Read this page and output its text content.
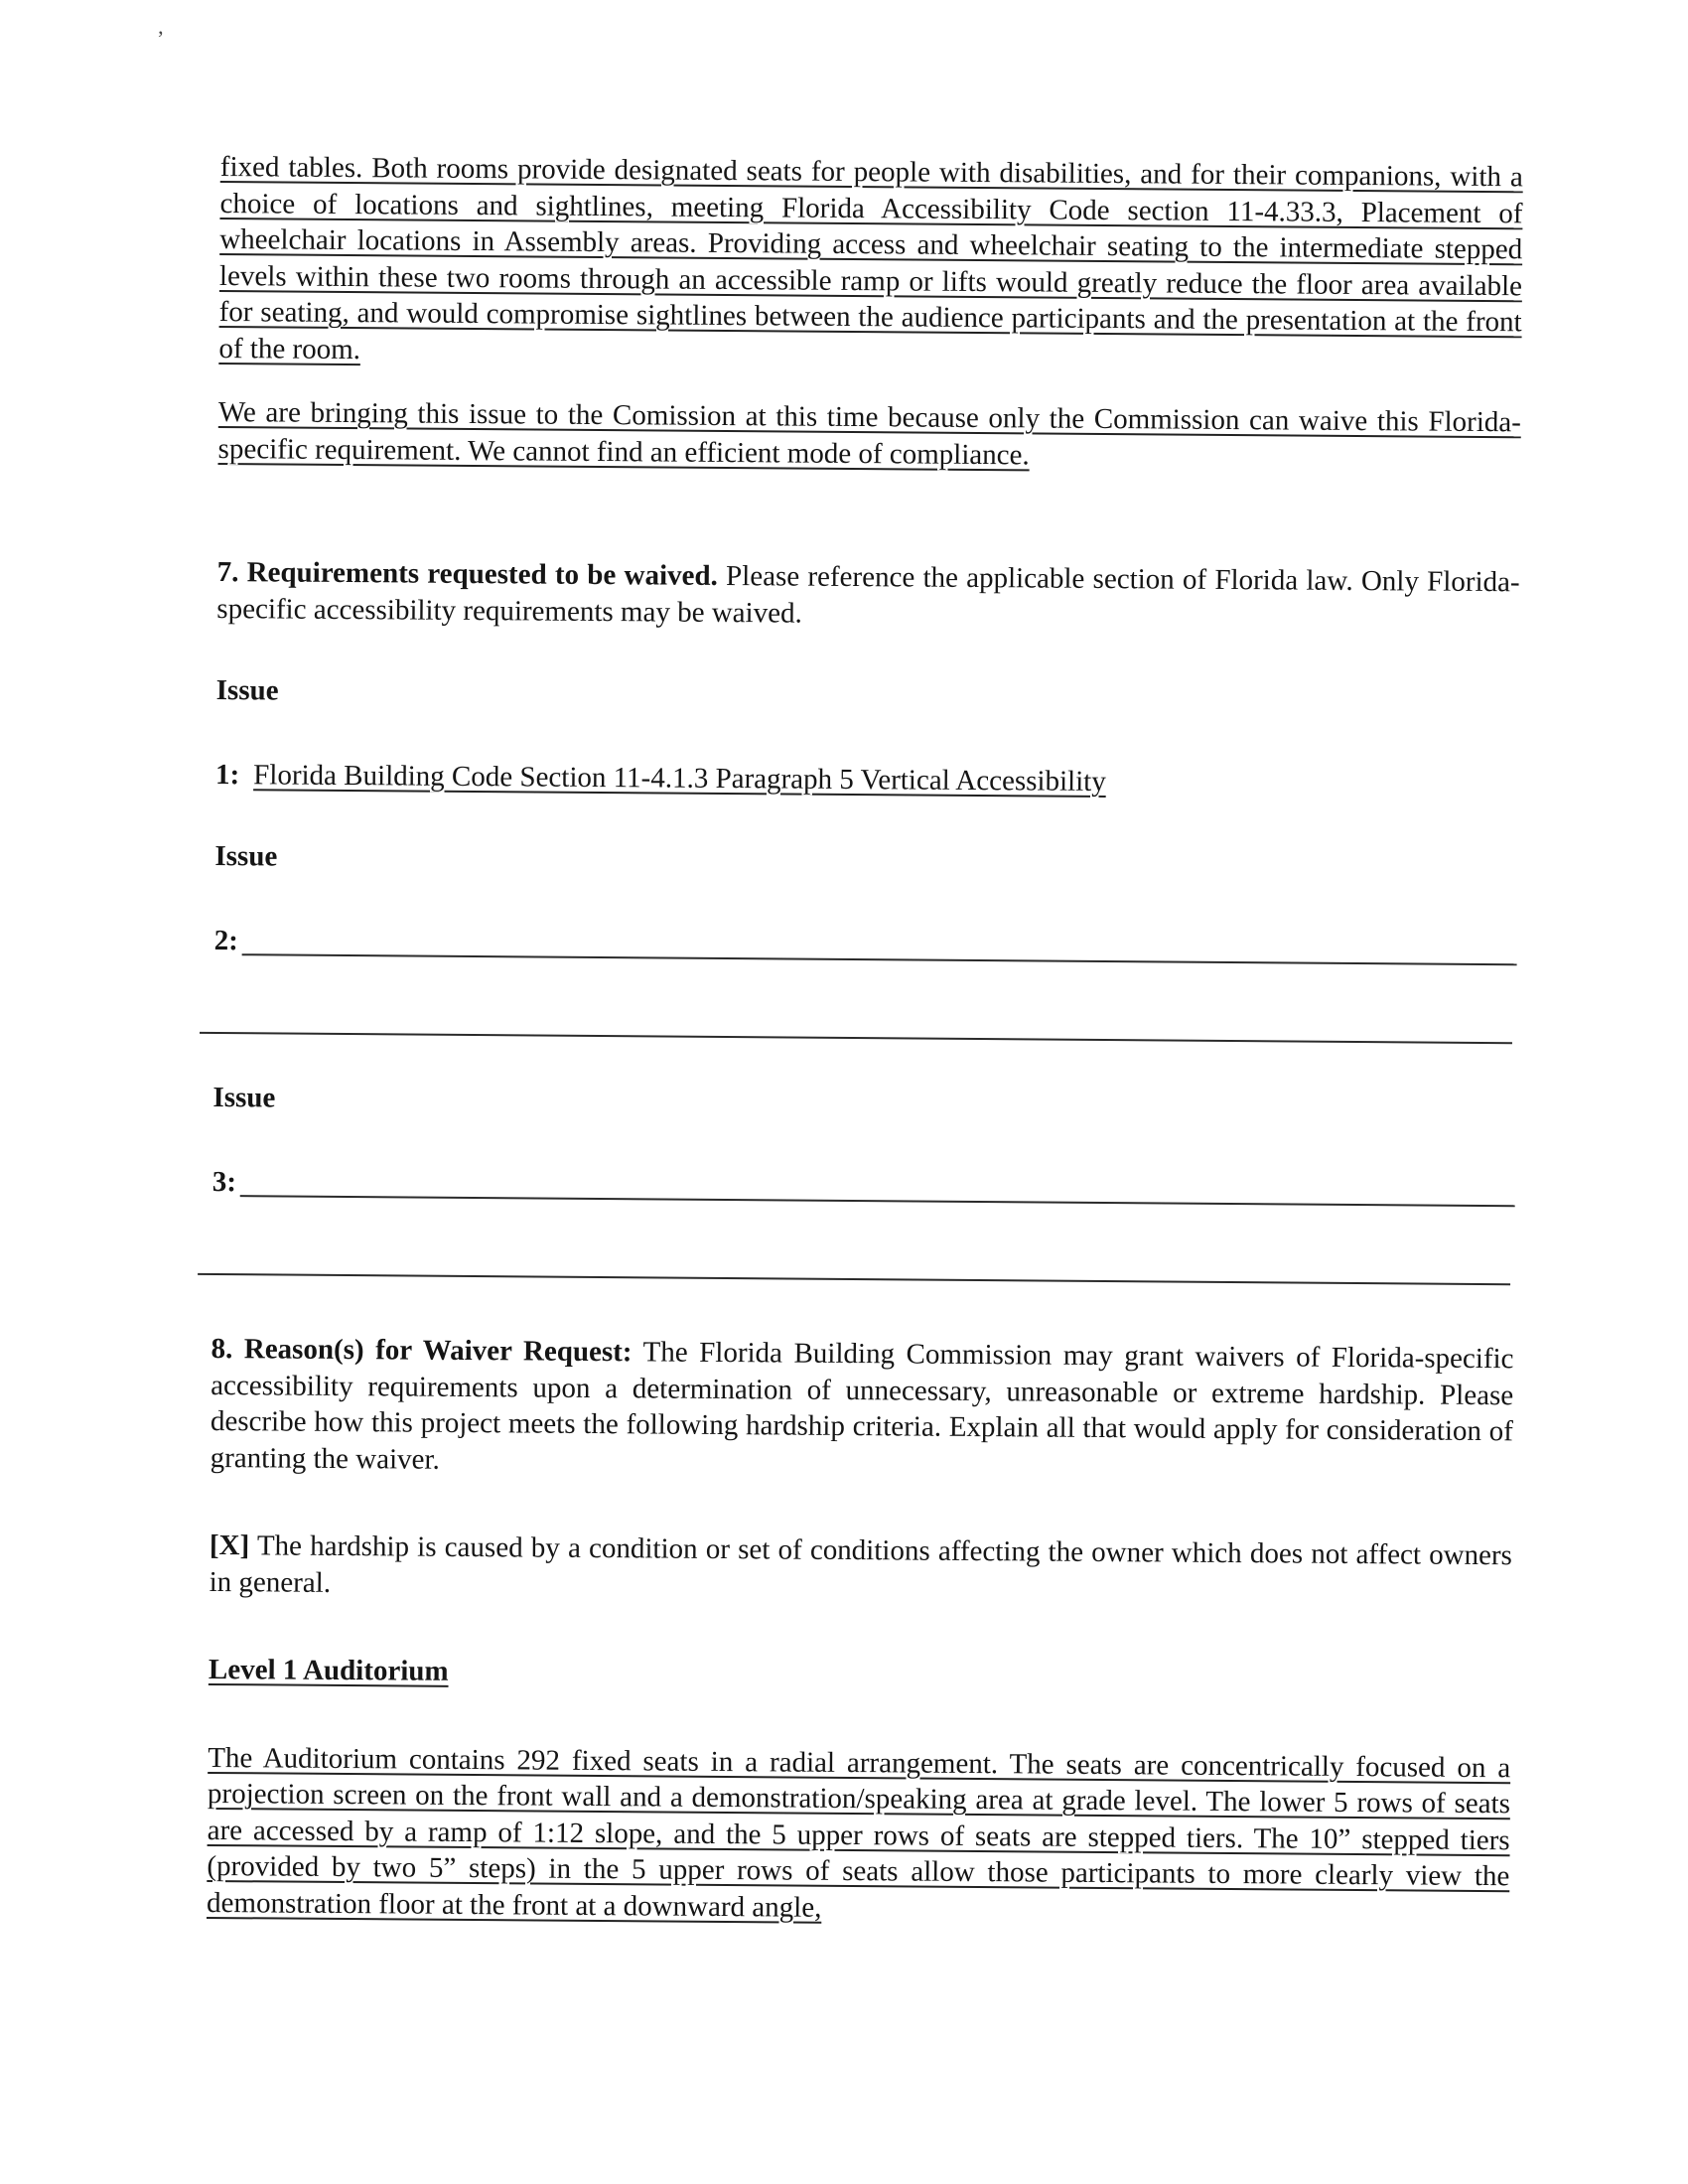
’

fixed tables. Both rooms provide designated seats for people with disabilities, and for their companions, with a choice of locations and sightlines, meeting Florida Accessibility Code section 11-4.33.3, Placement of wheelchair locations in Assembly areas. Providing access and wheelchair seating to the intermediate stepped levels within these two rooms through an accessible ramp or lifts would greatly reduce the floor area available for seating, and would compromise sightlines between the audience participants and the presentation at the front of the room.

We are bringing this issue to the Comission at this time because only the Commission can waive this Florida-specific requirement. We cannot find an efficient mode of compliance.

7. Requirements requested to be waived. Please reference the applicable section of Florida law. Only Florida-specific accessibility requirements may be waived.

Issue

1: Florida Building Code Section 11-4.1.3 Paragraph 5 Vertical Accessibility

Issue

2:

Issue

3:

8. Reason(s) for Waiver Request: The Florida Building Commission may grant waivers of Florida-specific accessibility requirements upon a determination of unnecessary, unreasonable or extreme hardship. Please describe how this project meets the following hardship criteria. Explain all that would apply for consideration of granting the waiver.

[X] The hardship is caused by a condition or set of conditions affecting the owner which does not affect owners in general.

Level 1 Auditorium

The Auditorium contains 292 fixed seats in a radial arrangement. The seats are concentrically focused on a projection screen on the front wall and a demonstration/speaking area at grade level. The lower 5 rows of seats are accessed by a ramp of 1:12 slope, and the 5 upper rows of seats are stepped tiers. The 10” stepped tiers (provided by two 5” steps) in the 5 upper rows of seats allow those participants to more clearly view the demonstration floor at the front at a downward angle,
